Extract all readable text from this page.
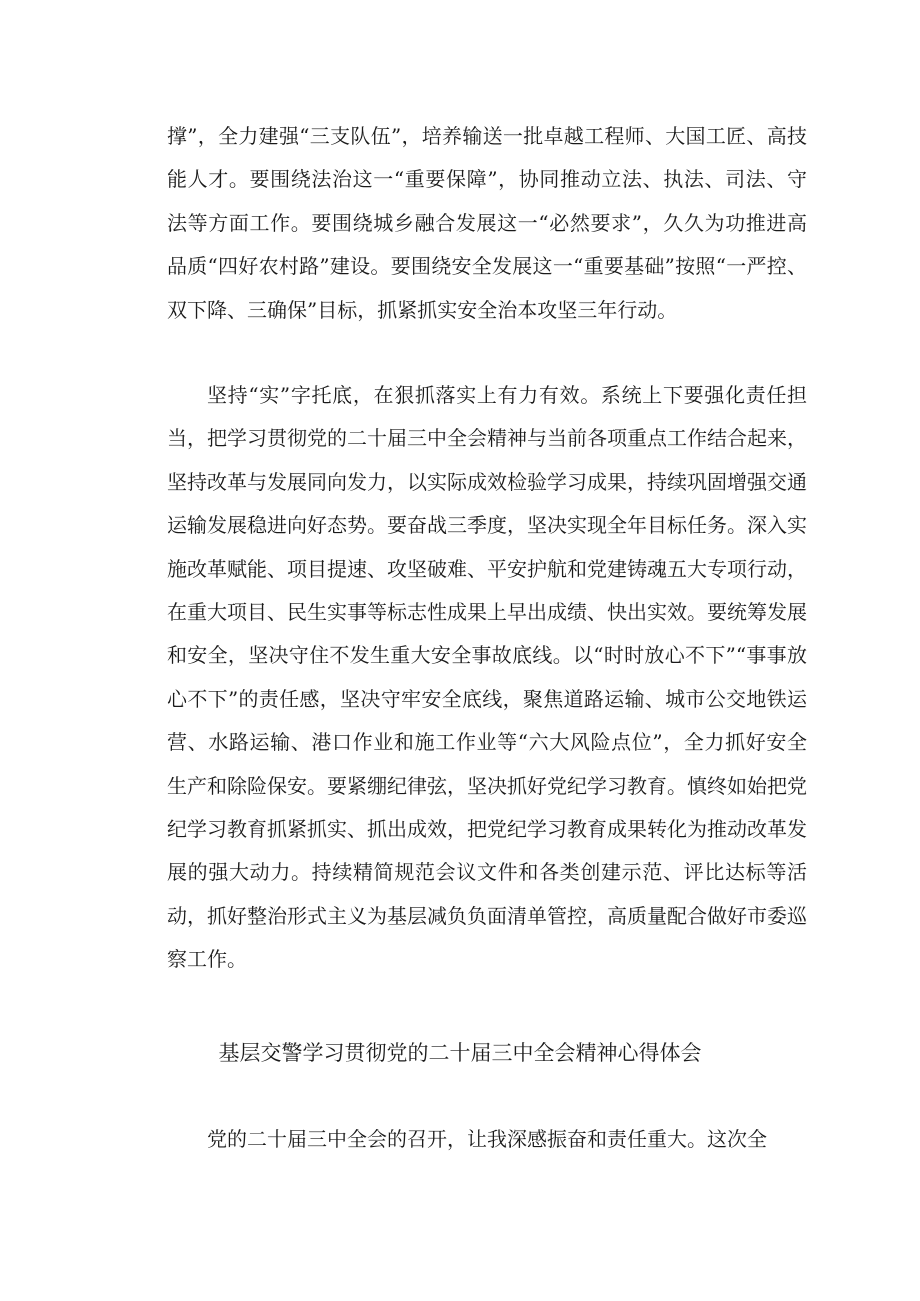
撑”，全力建强“三支队伍”，培养输送一批卓越工程师、大国工匠、高技能人才。要围绕法治这一“重要保障”，协同推动立法、执法、司法、守法等方面工作。要围绕城乡融合发展这一“必然要求”，久久为功推进高品质“四好农村路”建设。要围绕安全发展这一“重要基础”按照“一严控、双下降、三确保”目标，抓紧抓实安全治本攻坚三年行动。

坚持“实”字托底，在狠抓落实上有力有效。系统上下要强化责任担当，把学习贯彻党的二十届三中全会精神与当前各项重点工作结合起来，坚持改革与发展同向发力，以实际成效检验学习成果，持续巩固增强交通运输发展稳进向好态势。要奋战三季度，坚决实现全年目标任务。深入实施改革赋能、项目提速、攻坚破难、平安护航和党建铸魂五大专项行动，在重大项目、民生实事等标志性成果上早出成绩、快出实效。要统筹发展和安全，坚决守住不发生重大安全事故底线。以“时时放心不下”“事事放心不下”的责任感，坚决守牢安全底线，聚焦道路运输、城市公交地铁运营、水路运输、港口作业和施工作业等“六大风险点位”，全力抓好安全生产和除险保安。要紧绷纪律弦，坚决抓好党纪学习教育。慎终如始把党纪学习教育抓紧抓实、抓出成效，把党纪学习教育成果转化为推动改革发展的强大动力。持续精简规范会议文件和各类创建示范、评比达标等活动，抓好整治形式主义为基层减负负面清单管控，高质量配合做好市委巡察工作。

基层交警学习贯彻党的二十届三中全会精神心得体会

党的二十届三中全会的召开，让我深感振奋和责任重大。这次全
